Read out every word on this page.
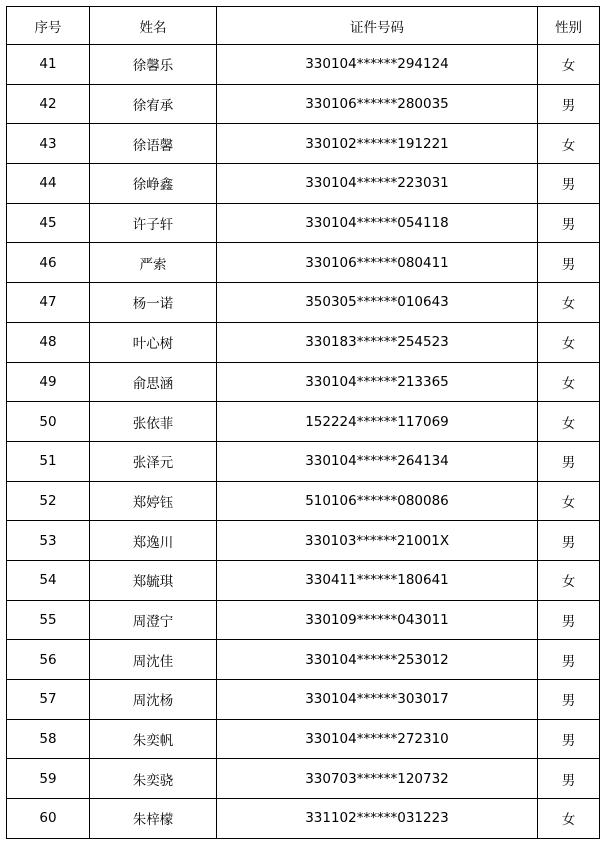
序号	姓名	证件号码	性别
41	徐馨乐	330104******294124	女
42	徐宥承	330106******280035	男
43	徐语馨	330102******191221	女
44	徐峥鑫	330104******223031	男
45	许子轩	330104******054118	男
46	严索	330106******080411	男
47	杨一诺	350305******010643	女
48	叶心树	330183******254523	女
49	俞思涵	330104******213365	女
50	张依菲	152224******117069	女
51	张泽元	330104******264134	男
52	郑婷钰	510106******080086	女
53	郑逸川	330103******21001X	男
54	郑毓琪	330411******180641	女
55	周澄宁	330109******043011	男
56	周沈佳	330104******253012	男
57	周沈杨	330104******303017	男
58	朱奕帆	330104******272310	男
59	朱奕骁	330703******120732	男
60	朱梓檬	331102******031223	女
